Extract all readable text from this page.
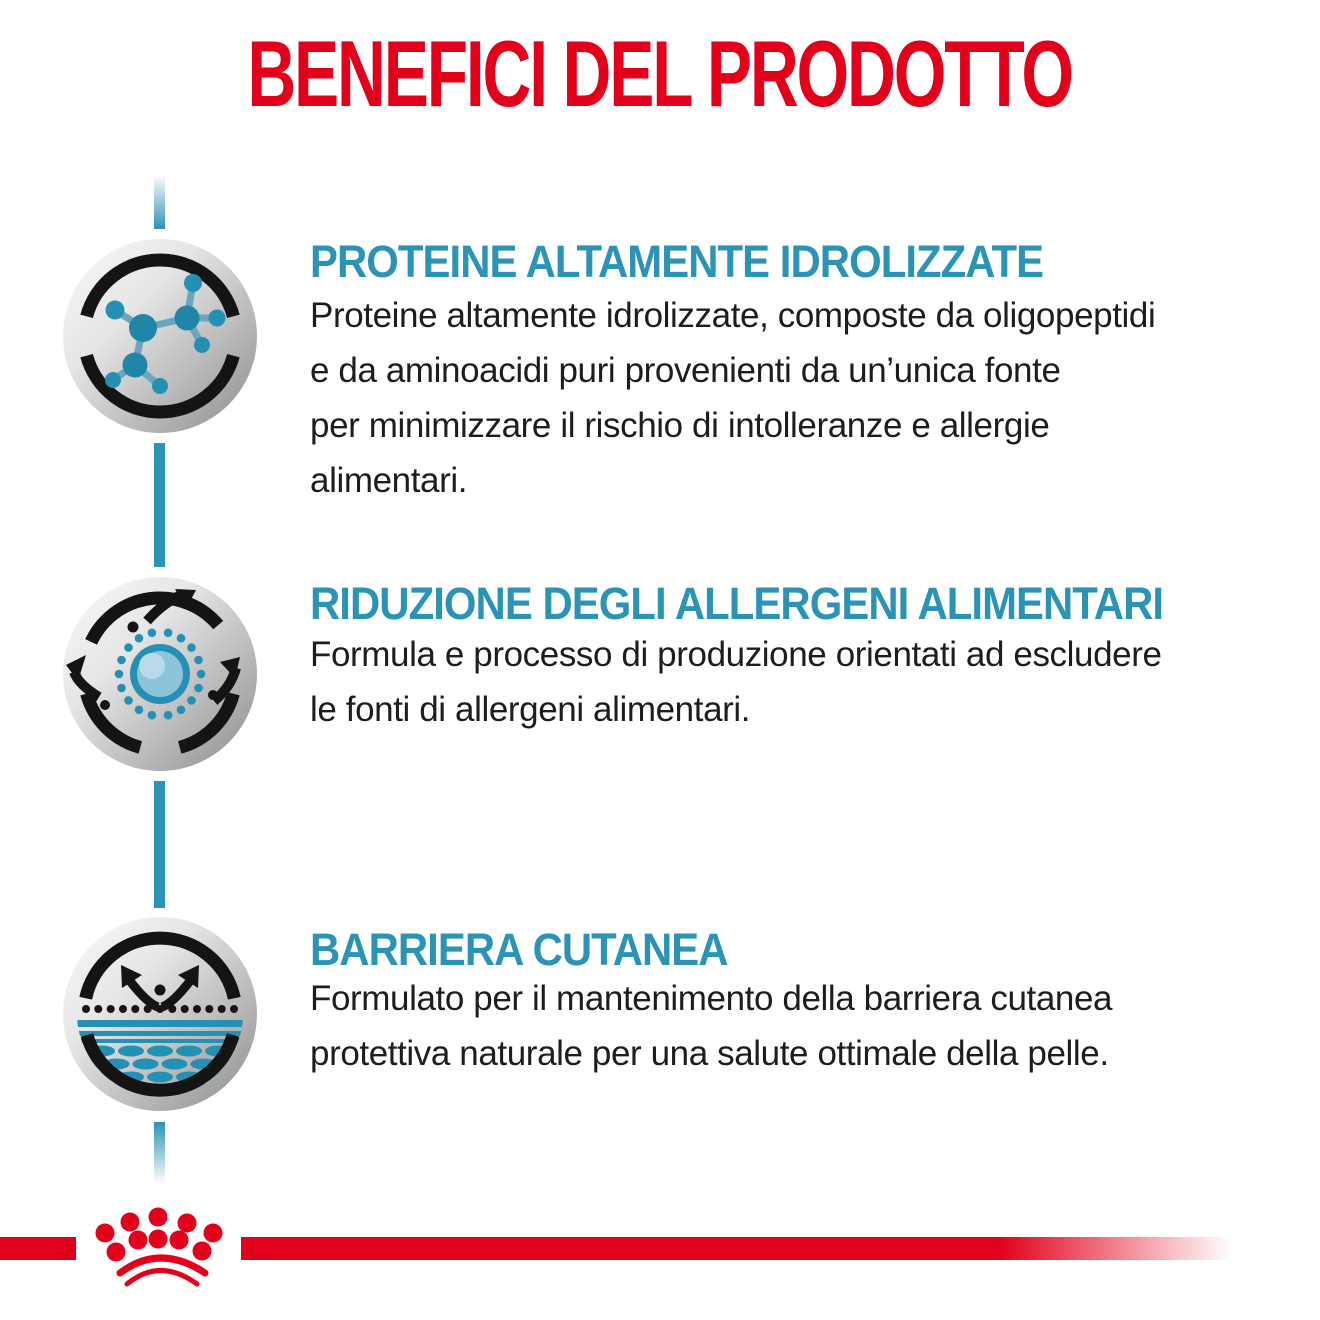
BENEFICI DEL PRODOTTO
PROTEINE ALTAMENTE IDROLIZZATE
Proteine altamente idrolizzate, composte da oligopeptidi
e da aminoacidi puri provenienti da un’unica fonte
per minimizzare il rischio di intolleranze e allergie
alimentari.
RIDUZIONE DEGLI ALLERGENI ALIMENTARI
Formula e processo di produzione orientati ad escludere
le fonti di allergeni alimentari.
BARRIERA CUTANEA
Formulato per il mantenimento della barriera cutanea
protettiva naturale per una salute ottimale della pelle.
